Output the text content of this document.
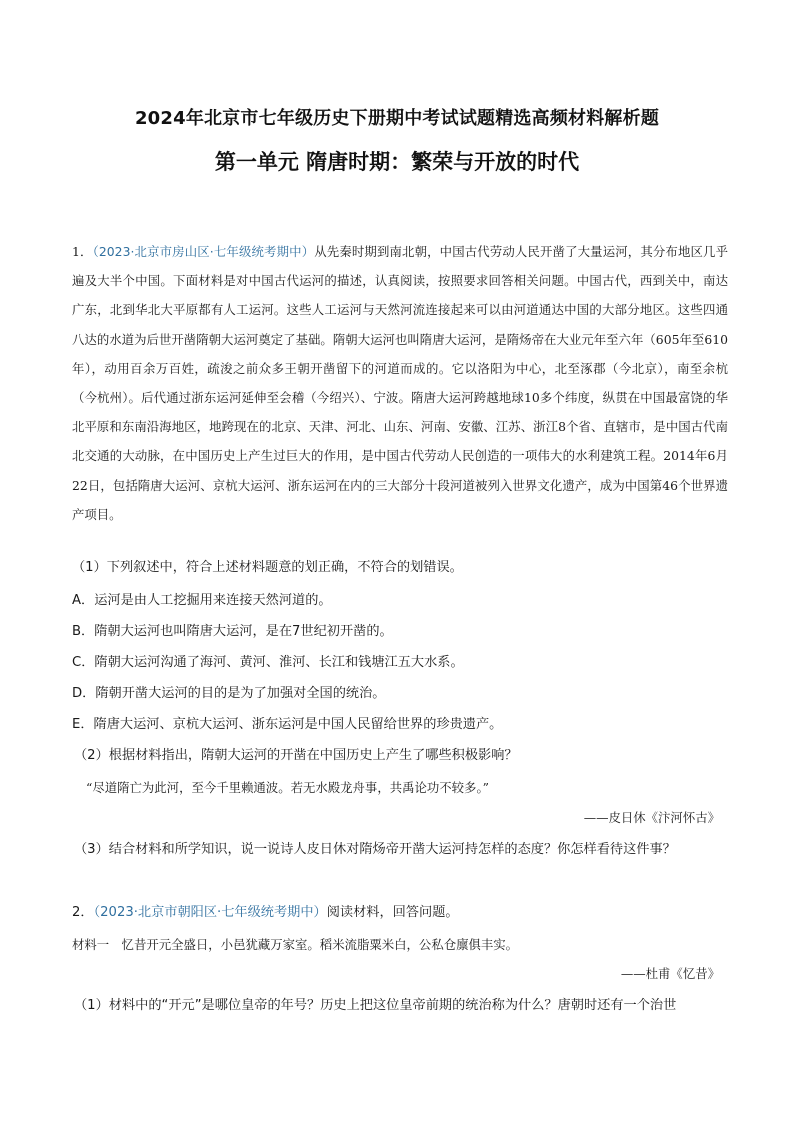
2024年北京市七年级历史下册期中考试试题精选高频材料解析题
第一单元 隋唐时期：繁荣与开放的时代

1．（2023·北京市房山区·七年级统考期中）从先秦时期到南北朝，中国古代劳动人民开凿了大量运河，其分布地区几乎遍及大半个中国。下面材料是对中国古代运河的描述，认真阅读，按照要求回答相关问题。中国古代，西到关中，南达广东，北到华北大平原都有人工运河。这些人工运河与天然河流连接起来可以由河道通达中国的大部分地区。这些四通八达的水道为后世开凿隋朝大运河奠定了基础。隋朝大运河也叫隋唐大运河，是隋炀帝在大业元年至六年（605年至610年），动用百余万百姓，疏浚之前众多王朝开凿留下的河道而成的。它以洛阳为中心，北至涿郡（今北京），南至余杭（今杭州）。后代通过浙东运河延伸至会稽（今绍兴）、宁波。隋唐大运河跨越地球10多个纬度，纵贯在中国最富饶的华北平原和东南沿海地区，地跨现在的北京、天津、河北、山东、河南、安徽、江苏、浙江8个省、直辖市，是中国古代南北交通的大动脉，在中国历史上产生过巨大的作用，是中国古代劳动人民创造的一项伟大的水利建筑工程。2014年6月22日，包括隋唐大运河、京杭大运河、浙东运河在内的三大部分十段河道被列入世界文化遗产，成为中国第46个世界遗产项目。

（1）下列叙述中，符合上述材料题意的划正确，不符合的划错误。
A．运河是由人工挖掘用来连接天然河道的。
B．隋朝大运河也叫隋唐大运河，是在7世纪初开凿的。
C．隋朝大运河沟通了海河、黄河、淮河、长江和钱塘江五大水系。
D．隋朝开凿大运河的目的是为了加强对全国的统治。
E．隋唐大运河、京杭大运河、浙东运河是中国人民留给世界的珍贵遗产。
（2）根据材料指出，隋朝大运河的开凿在中国历史上产生了哪些积极影响？
“尽道隋亡为此河，至今千里赖通波。若无水殿龙舟事，共禹论功不较多。”
——皮日休《汴河怀古》
（3）结合材料和所学知识，说一说诗人皮日休对隋炀帝开凿大运河持怎样的态度？你怎样看待这件事？
2．（2023·北京市朝阳区·七年级统考期中）阅读材料，回答问题。
材料一　忆昔开元全盛日，小邑犹藏万家室。稻米流脂粟米白，公私仓廪俱丰实。
——杜甫《忆昔》
（1）材料中的“开元”是哪位皇帝的年号？历史上把这位皇帝前期的统治称为什么？唐朝时还有一个治世
